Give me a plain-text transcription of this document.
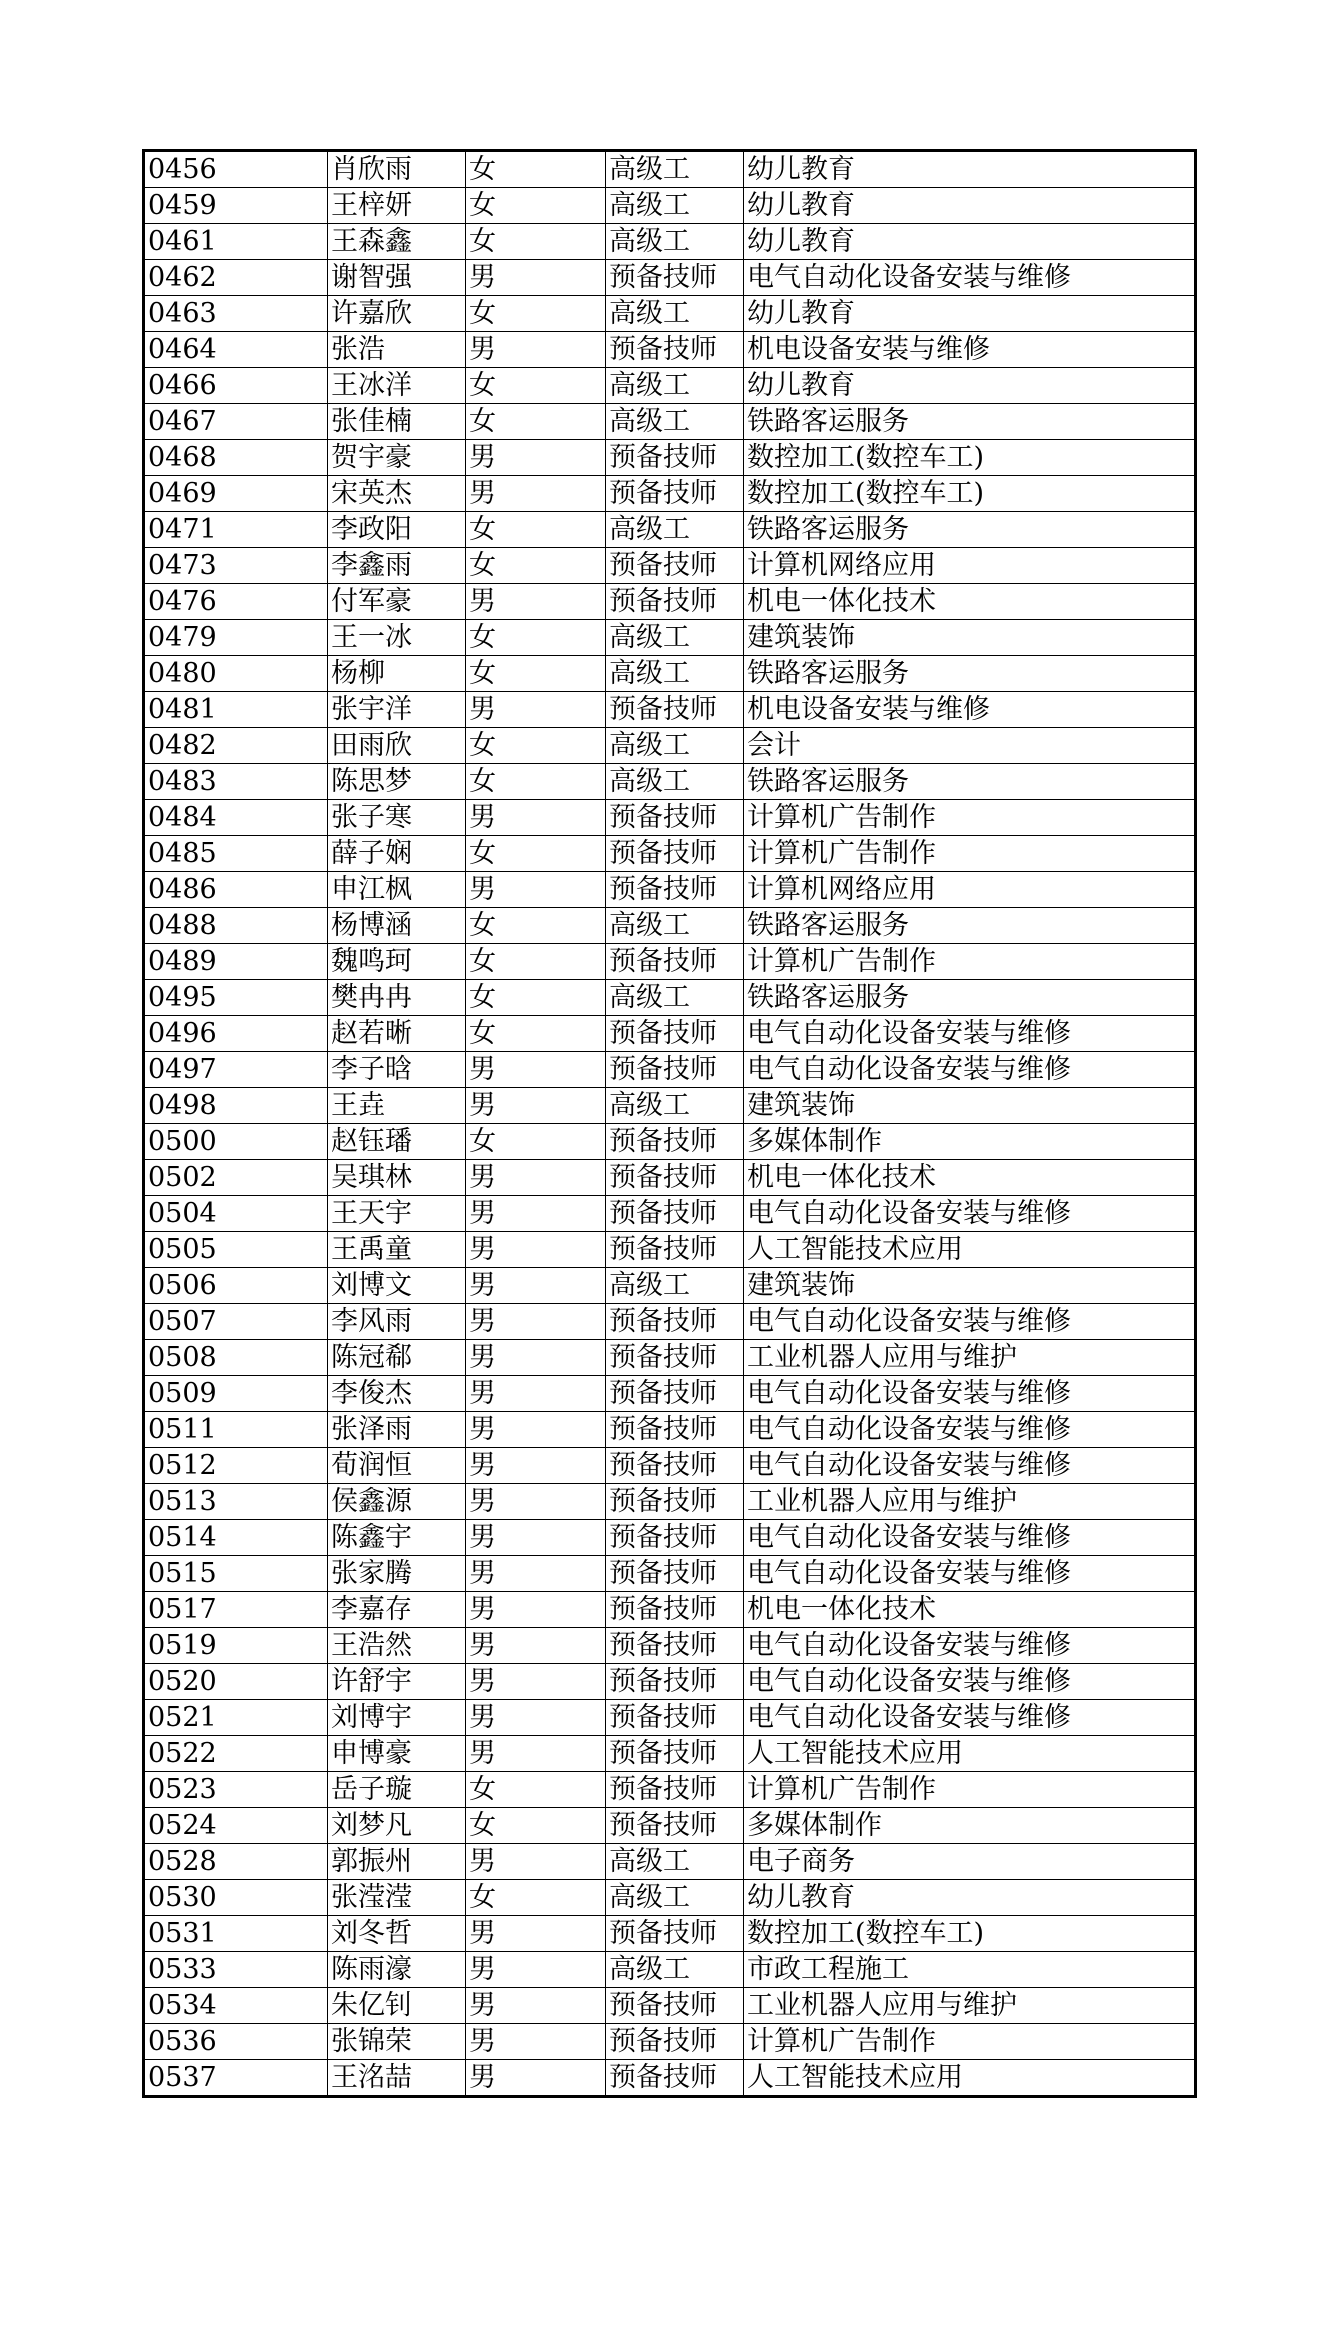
0456	肖欣雨	女	高级工	幼儿教育
0459	王梓妍	女	高级工	幼儿教育
0461	王森鑫	女	高级工	幼儿教育
0462	谢智强	男	预备技师	电气自动化设备安装与维修
0463	许嘉欣	女	高级工	幼儿教育
0464	张浩	男	预备技师	机电设备安装与维修
0466	王冰洋	女	高级工	幼儿教育
0467	张佳楠	女	高级工	铁路客运服务
0468	贺宇豪	男	预备技师	数控加工(数控车工)
0469	宋英杰	男	预备技师	数控加工(数控车工)
0471	李政阳	女	高级工	铁路客运服务
0473	李鑫雨	女	预备技师	计算机网络应用
0476	付军豪	男	预备技师	机电一体化技术
0479	王一冰	女	高级工	建筑装饰
0480	杨柳	女	高级工	铁路客运服务
0481	张宇洋	男	预备技师	机电设备安装与维修
0482	田雨欣	女	高级工	会计
0483	陈思梦	女	高级工	铁路客运服务
0484	张子寒	男	预备技师	计算机广告制作
0485	薛子娴	女	预备技师	计算机广告制作
0486	申江枫	男	预备技师	计算机网络应用
0488	杨博涵	女	高级工	铁路客运服务
0489	魏鸣珂	女	预备技师	计算机广告制作
0495	樊冉冉	女	高级工	铁路客运服务
0496	赵若晰	女	预备技师	电气自动化设备安装与维修
0497	李子晗	男	预备技师	电气自动化设备安装与维修
0498	王垚	男	高级工	建筑装饰
0500	赵钰璠	女	预备技师	多媒体制作
0502	吴琪林	男	预备技师	机电一体化技术
0504	王天宇	男	预备技师	电气自动化设备安装与维修
0505	王禹童	男	预备技师	人工智能技术应用
0506	刘博文	男	高级工	建筑装饰
0507	李风雨	男	预备技师	电气自动化设备安装与维修
0508	陈冠郗	男	预备技师	工业机器人应用与维护
0509	李俊杰	男	预备技师	电气自动化设备安装与维修
0511	张泽雨	男	预备技师	电气自动化设备安装与维修
0512	荀润恒	男	预备技师	电气自动化设备安装与维修
0513	侯鑫源	男	预备技师	工业机器人应用与维护
0514	陈鑫宇	男	预备技师	电气自动化设备安装与维修
0515	张家腾	男	预备技师	电气自动化设备安装与维修
0517	李嘉存	男	预备技师	机电一体化技术
0519	王浩然	男	预备技师	电气自动化设备安装与维修
0520	许舒宇	男	预备技师	电气自动化设备安装与维修
0521	刘博宇	男	预备技师	电气自动化设备安装与维修
0522	申博豪	男	预备技师	人工智能技术应用
0523	岳子璇	女	预备技师	计算机广告制作
0524	刘梦凡	女	预备技师	多媒体制作
0528	郭振州	男	高级工	电子商务
0530	张滢滢	女	高级工	幼儿教育
0531	刘冬哲	男	预备技师	数控加工(数控车工)
0533	陈雨濠	男	高级工	市政工程施工
0534	朱亿钊	男	预备技师	工业机器人应用与维护
0536	张锦荣	男	预备技师	计算机广告制作
0537	王洺喆	男	预备技师	人工智能技术应用
